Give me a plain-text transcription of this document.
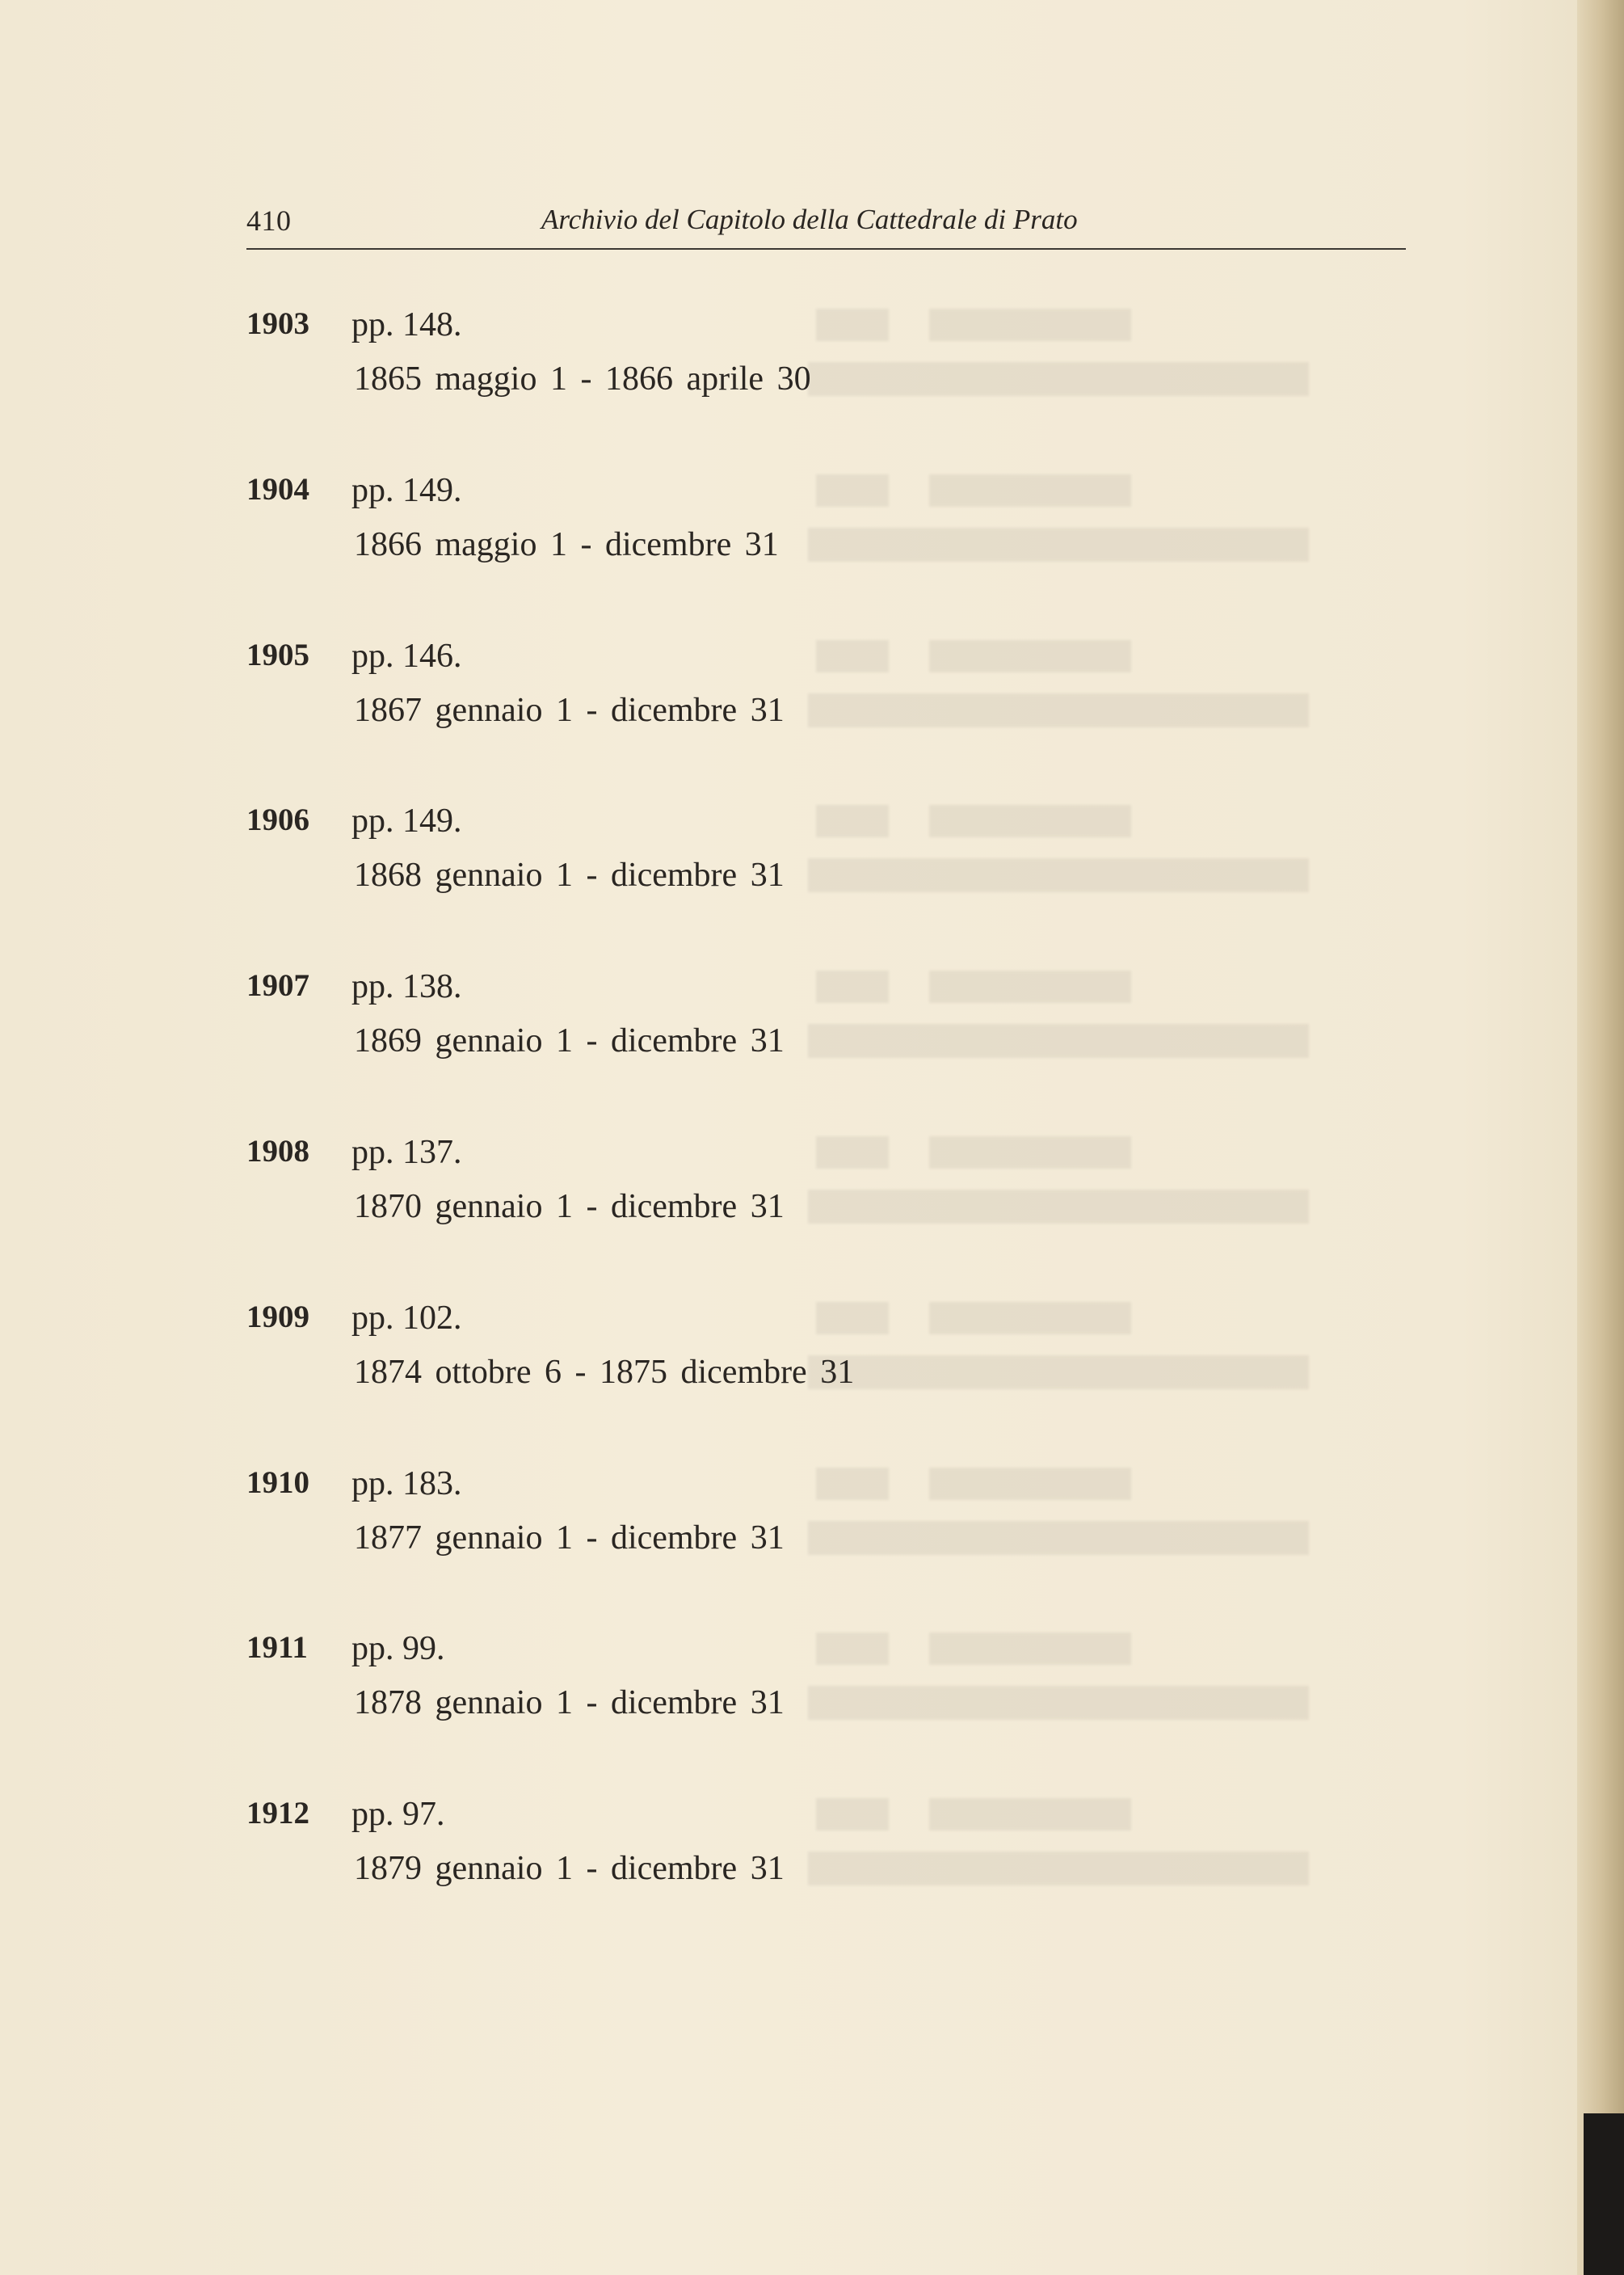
410	Archivio del Capitolo della Cattedrale di Prato
1903 pp. 148.
1865 maggio 1 - 1866 aprile 30
1904 pp. 149.
1866 maggio 1 - dicembre 31
1905 pp. 146.
1867 gennaio 1 - dicembre 31
1906 pp. 149.
1868 gennaio 1 - dicembre 31
1907 pp. 138.
1869 gennaio 1 - dicembre 31
1908 pp. 137.
1870 gennaio 1 - dicembre 31
1909 pp. 102.
1874 ottobre 6 - 1875 dicembre 31
1910 pp. 183.
1877 gennaio 1 - dicembre 31
1911 pp. 99.
1878 gennaio 1 - dicembre 31
1912 pp. 97.
1879 gennaio 1 - dicembre 31
